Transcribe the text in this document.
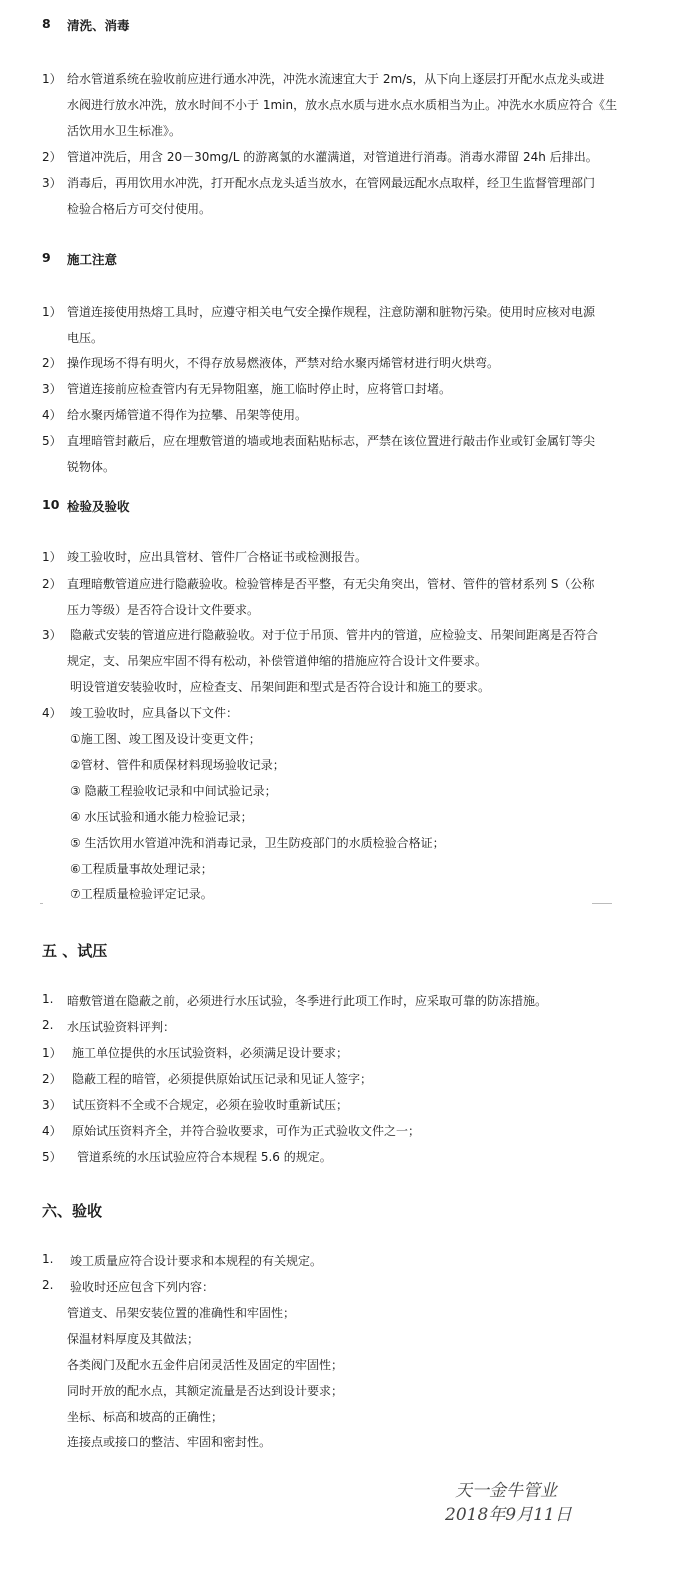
8 清洗、消毒
1） 给水管道系统在验收前应进行通水冲洗，冲洗水流速宜大于 2m/s，从下向上逐层打开配水点龙头或进
水阀进行放水冲洗，放水时间不小于 1min，放水点水质与进水点水质相当为止。冲洗水水质应符合《生
活饮用水卫生标准》。
2） 管道冲洗后，用含 20－30mg/L 的游离氯的水灌满道，对管道进行消毒。消毒水滞留 24h 后排出。
3） 消毒后，再用饮用水冲洗，打开配水点龙头适当放水，在管网最远配水点取样，经卫生监督管理部门
检验合格后方可交付使用。
9 施工注意
1） 管道连接使用热熔工具时，应遵守相关电气安全操作规程，注意防潮和脏物污染。使用时应核对电源
电压。
2） 操作现场不得有明火，不得存放易燃液体，严禁对给水聚丙烯管材进行明火烘弯。
3） 管道连接前应检查管内有无异物阻塞，施工临时停止时，应将管口封堵。
4） 给水聚丙烯管道不得作为拉攀、吊架等使用。
5） 直埋暗管封蔽后，应在埋敷管道的墙或地表面粘贴标志，严禁在该位置进行敲击作业或钉金属钉等尖
锐物体。
10 检验及验收
1） 竣工验收时，应出具管材、管件厂合格证书或检测报告。
2） 直理暗敷管道应进行隐蔽验收。检验管棒是否平整，有无尖角突出，管材、管件的管材系列 S（公称
压力等级）是否符合设计文件要求。
3） 隐蔽式安装的管道应进行隐蔽验收。对于位于吊顶、管井内的管道，应检验支、吊架间距离是否符合
规定，支、吊架应牢固不得有松动，补偿管道伸缩的措施应符合设计文件要求。
明设管道安装验收时，应检查支、吊架间距和型式是否符合设计和施工的要求。
4） 竣工验收时，应具备以下文件：
①施工图、竣工图及设计变更文件；
②管材、管件和质保材料现场验收记录；
③ 隐蔽工程验收记录和中间试验记录；
④ 水压试验和通水能力检验记录；
⑤ 生活饮用水管道冲洗和消毒记录，卫生防疫部门的水质检验合格证；
⑥工程质量事故处理记录；
⑦工程质量检验评定记录。
五 、试压
1. 暗敷管道在隐蔽之前，必须进行水压试验，冬季进行此项工作时，应采取可靠的防冻措施。
2. 水压试验资料评判：
1） 施工单位提供的水压试验资料，必须满足设计要求；
2） 隐蔽工程的暗管，必须提供原始试压记录和见证人签字；
3） 试压资料不全或不合规定，必须在验收时重新试压；
4） 原始试压资料齐全，并符合验收要求，可作为正式验收文件之一；
5） 管道系统的水压试验应符合本规程 5.6 的规定。
六、验收
1. 竣工质量应符合设计要求和本规程的有关规定。
2. 验收时还应包含下列内容：
管道支、吊架安装位置的准确性和牢固性；
保温材料厚度及其做法；
各类阀门及配水五金件启闭灵活性及固定的牢固性；
同时开放的配水点，其额定流量是否达到设计要求；
坐标、标高和坡高的正确性；
连接点或接口的整洁、牢固和密封性。
天一金牛管业
2018年9月11日
